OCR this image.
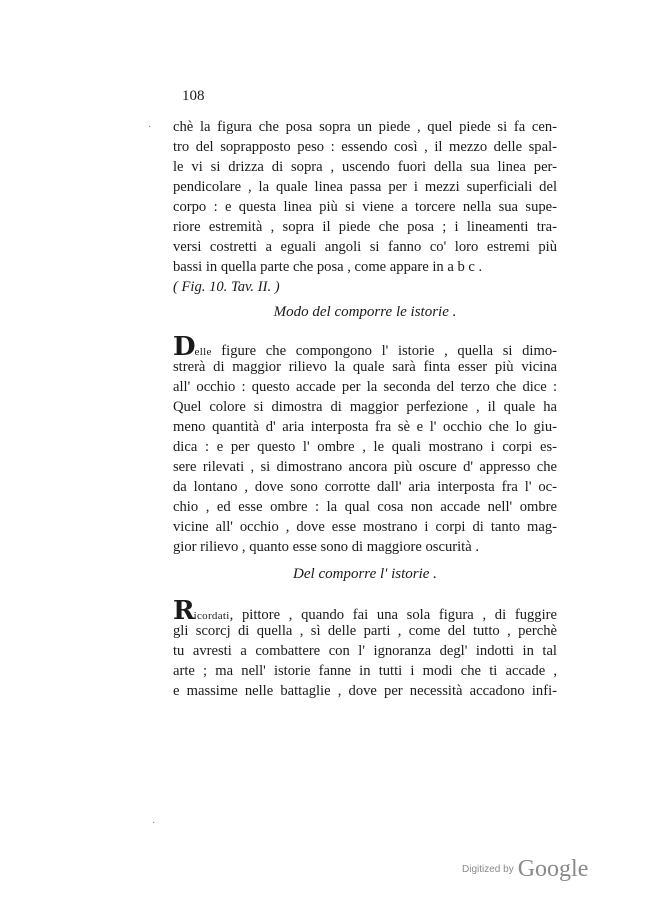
108
chè la figura che posa sopra un piede , quel piede si fa cen-
tro del soprapposto peso : essendo così , il mezzo delle spal-
le vi si drizza di sopra , uscendo fuori della sua linea per-
pendicolare , la quale linea passa per i mezzi superficiali del
corpo : e questa linea più si viene a torcere nella sua supe-
riore estremità , sopra il piede che posa ; i lineamenti tra-
versi costretti a eguali angoli si fanno co' loro estremi più
bassi in quella parte che posa , come appare in a b c .
( Fig. 10. Tav. II. )
Modo del comporre le istorie .
Delle figure che compongono l' istorie , quella si dimo-
strerà di maggior rilievo la quale sarà finta esser più vicina
all' occhio : questo accade per la seconda del terzo che dice :
Quel colore si dimostra di maggior perfezione , il quale ha
meno quantità d' aria interposta fra sè e l' occhio che lo giu-
dica : e per questo l' ombre , le quali mostrano i corpi es-
sere rilevati , si dimostrano ancora più oscure d' appresso che
da lontano , dove sono corrotte dall' aria interposta fra l' oc-
chio , ed esse ombre : la qual cosa non accade nell' ombre
vicine all' occhio , dove esse mostrano i corpi di tanto mag-
gior rilievo , quanto esse sono di maggiore oscurità .
Del comporre l' istorie .
Ricordati, pittore , quando fai una sola figura , di fuggire
gli scorcj di quella , sì delle parti , come del tutto , perchè
tu avresti a combattere con l' ignoranza degl' indotti in tal
arte ; ma nell' istorie fanne in tutti i modi che ti accade ,
e massime nelle battaglie , dove per necessità accadono infi-
·
·
Digitized by Google
